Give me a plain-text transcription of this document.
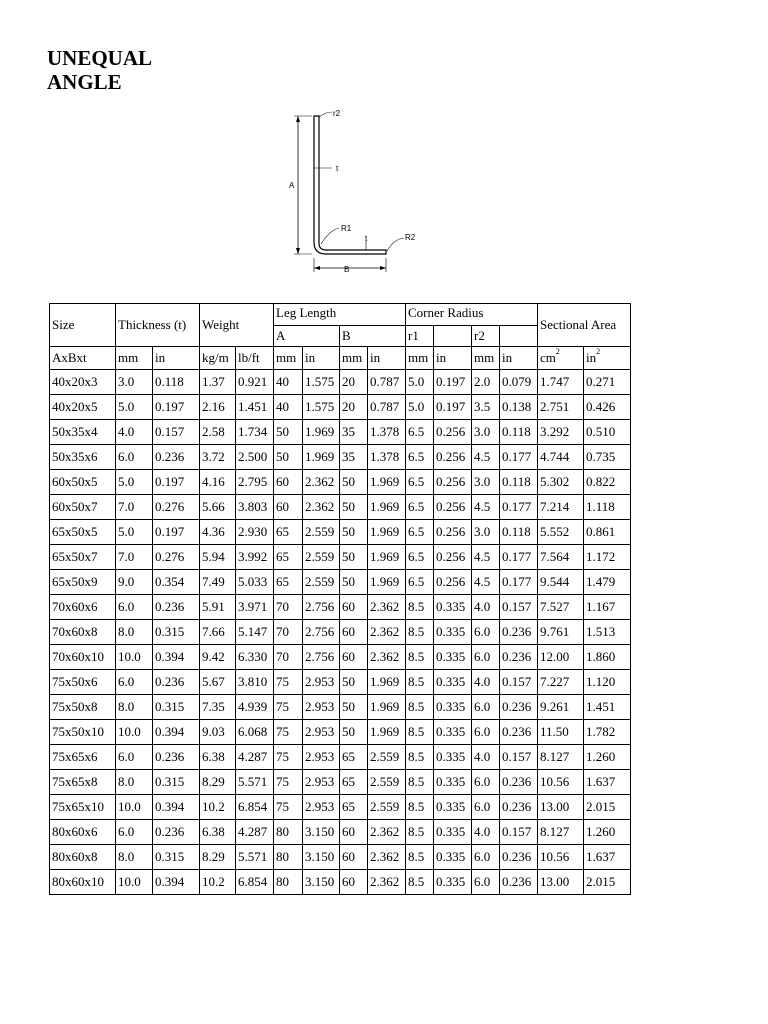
UNEQUAL
ANGLE
A
B
r2
t
R1
t	R2
Size	Thickness (t)		Weight		Leg Length				Corner Radius				Sectional Area	
					A		B		r1		r2			
AxBxt	mm	in	kg/m	lb/ft	mm	in	mm	in	mm	in	mm	in	$cm^2$	$in^2$
40x20x3	3.0	0.118	1.37	0.921	40	1.575	20	0.787	5.0	0.197	2.0	0.079	1.747	0.271
40x20x5	5.0	0.197	2.16	1.451	40	1.575	20	0.787	5.0	0.197	3.5	0.138	2.751	0.426
50x35x4	4.0	0.157	2.58	1.734	50	1.969	35	1.378	6.5	0.256	3.0	0.118	3.292	0.510
50x35x6	6.0	0.236	3.72	2.500	50	1.969	35	1.378	6.5	0.256	4.5	0.177	4.744	0.735
60x50x5	5.0	0.197	4.16	2.795	60	2.362	50	1.969	6.5	0.256	3.0	0.118	5.302	0.822
60x50x7	7.0	0.276	5.66	3.803	60	2.362	50	1.969	6.5	0.256	4.5	0.177	7.214	1.118
65x50x5	5.0	0.197	4.36	2.930	65	2.559	50	1.969	6.5	0.256	3.0	0.118	5.552	0.861
65x50x7	7.0	0.276	5.94	3.992	65	2.559	50	1.969	6.5	0.256	4.5	0.177	7.564	1.172
65x50x9	9.0	0.354	7.49	5.033	65	2.559	50	1.969	6.5	0.256	4.5	0.177	9.544	1.479
70x60x6	6.0	0.236	5.91	3.971	70	2.756	60	2.362	8.5	0.335	4.0	0.157	7.527	1.167
70x60x8	8.0	0.315	7.66	5.147	70	2.756	60	2.362	8.5	0.335	6.0	0.236	9.761	1.513
70x60x10	10.0	0.394	9.42	6.330	70	2.756	60	2.362	8.5	0.335	6.0	0.236	12.00	1.860
75x50x6	6.0	0.236	5.67	3.810	75	2.953	50	1.969	8.5	0.335	4.0	0.157	7.227	1.120
75x50x8	8.0	0.315	7.35	4.939	75	2.953	50	1.969	8.5	0.335	6.0	0.236	9.261	1.451
75x50x10	10.0	0.394	9.03	6.068	75	2.953	50	1.969	8.5	0.335	6.0	0.236	11.50	1.782
75x65x6	6.0	0.236	6.38	4.287	75	2.953	65	2.559	8.5	0.335	4.0	0.157	8.127	1.260
75x65x8	8.0	0.315	8.29	5.571	75	2.953	65	2.559	8.5	0.335	6.0	0.236	10.56	1.637
75x65x10	10.0	0.394	10.2	6.854	75	2.953	65	2.559	8.5	0.335	6.0	0.236	13.00	2.015
80x60x6	6.0	0.236	6.38	4.287	80	3.150	60	2.362	8.5	0.335	4.0	0.157	8.127	1.260
80x60x8	8.0	0.315	8.29	5.571	80	3.150	60	2.362	8.5	0.335	6.0	0.236	10.56	1.637
80x60x10	10.0	0.394	10.2	6.854	80	3.150	60	2.362	8.5	0.335	6.0	0.236	13.00	2.015
